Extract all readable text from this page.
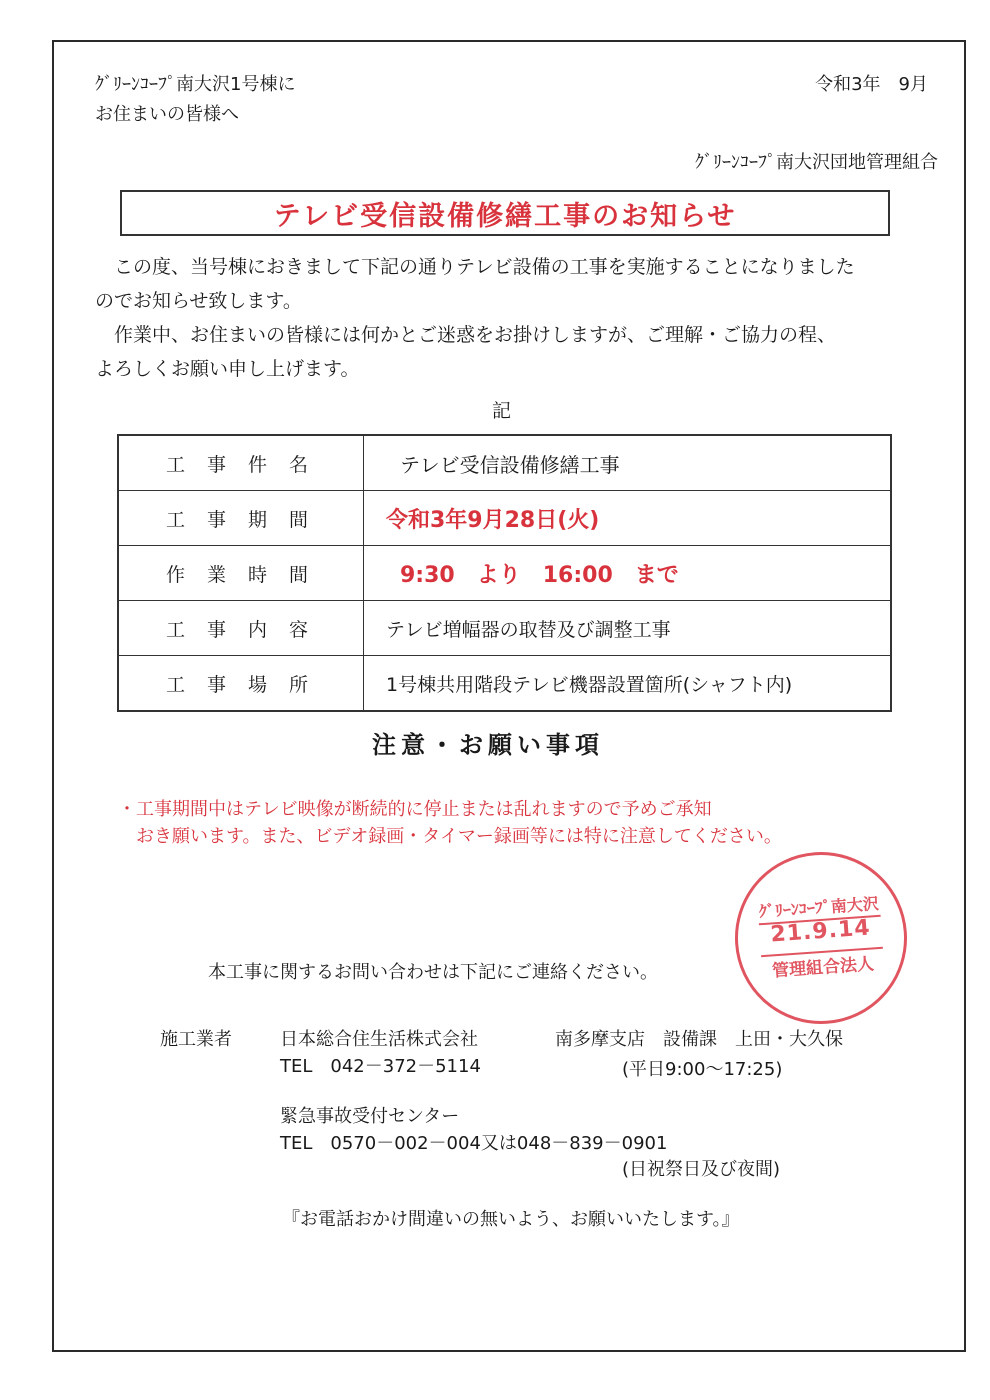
ｸﾞﾘｰﾝｺｰﾌﾟ南大沢1号棟に
お住まいの皆様へ
令和3年　9月
ｸﾞﾘｰﾝｺｰﾌﾟ南大沢団地管理組合
テレビ受信設備修繕工事のお知らせ
　この度、当号棟におきまして下記の通りテレビ設備の工事を実施することになりました
のでお知らせ致します。
　作業中、お住まいの皆様には何かとご迷惑をお掛けしますが、ご理解・ご協力の程、
よろしくお願い申し上げます。
記
工事件名	テレビ受信設備修繕工事
工事期間	令和3年9月28日(火)
作業時間	9:30　より　16:00　まで
工事内容	テレビ増幅器の取替及び調整工事
工事場所	1号棟共用階段テレビ機器設置箇所(シャフト内)
注意・お願い事項
・工事期間中はテレビ映像が断続的に停止または乱れますので予めご承知
おき願います。また、ビデオ録画・タイマー録画等には特に注意してください。
ｸﾞﾘｰﾝｺｰﾌﾟ南大沢
21.9.14
管理組合法人
本工事に関するお問い合わせは下記にご連絡ください。
施工業者	日本総合住生活株式会社	南多摩支店　設備課　上田・大久保
TEL　042－372－5114	(平日9:00～17:25)
緊急事故受付センター
TEL　0570－002－004又は048－839－0901
(日祝祭日及び夜間)
『お電話おかけ間違いの無いよう、お願いいたします。』
